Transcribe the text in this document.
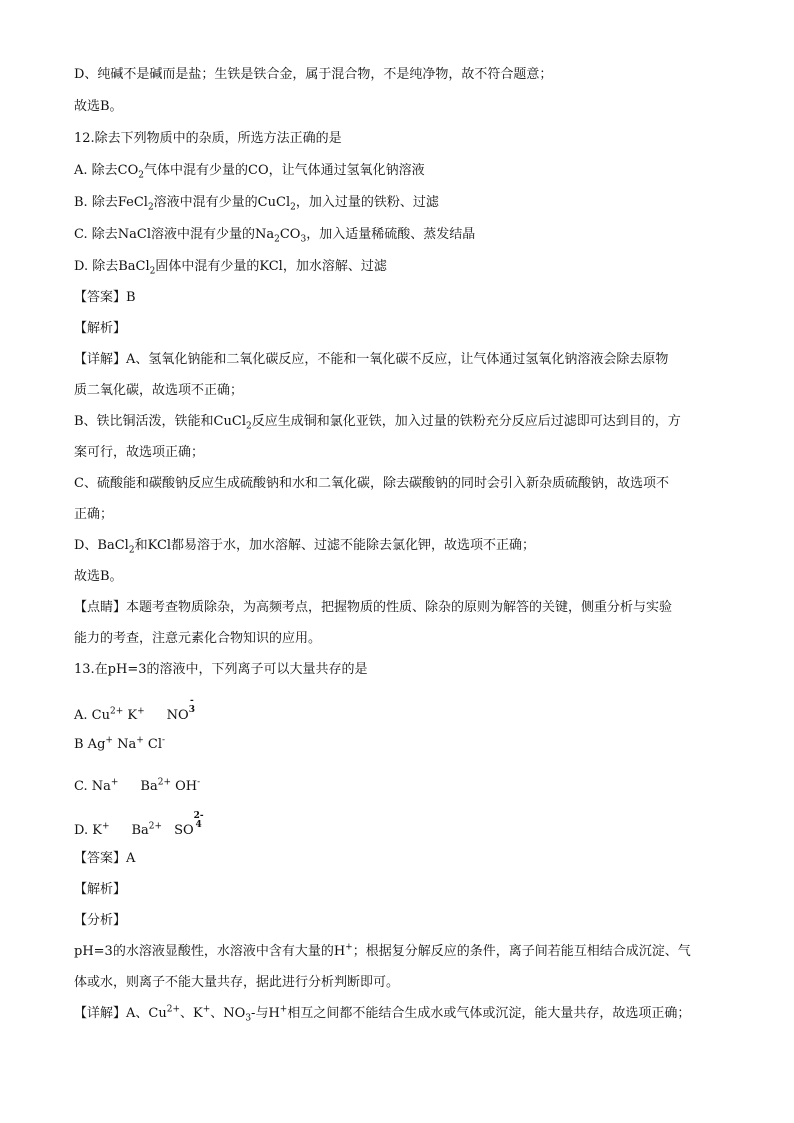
D、纯碱不是碱而是盐；生铁是铁合金，属于混合物，不是纯净物，故不符合题意；
故选B。
12.除去下列物质中的杂质，所选方法正确的是
A. 除去$CO_2$气体中混有少量的CO，让气体通过氢氧化钠溶液
B. 除去FeCl$_2$溶液中混有少量的CuCl$_2$，加入过量的铁粉、过滤
C. 除去NaCl溶液中混有少量的$Na_2CO_3$，加入适量稀硫酸、蒸发结晶
D. 除去BaCl$_2$固体中混有少量的KCl，加水溶解、过滤
【答案】B
【解析】
【详解】A、氢氧化钠能和二氧化碳反应，不能和一氧化碳不反应，让气体通过氢氧化钠溶液会除去原物
质二氧化碳，故选项不正确；
B、铁比铜活泼，铁能和CuCl$_2$反应生成铜和氯化亚铁，加入过量的铁粉充分反应后过滤即可达到目的，方
案可行，故选项正确；
C、硫酸能和碳酸钠反应生成硫酸钠和水和二氧化碳，除去碳酸钠的同时会引入新杂质硫酸钠，故选项不
正确；
D、BaCl$_2$和KCl都易溶于水，加水溶解、过滤不能除去氯化钾，故选项不正确；
故选B。
【点睛】本题考查物质除杂，为高频考点，把握物质的性质、除杂的原则为解答的关键，侧重分析与实验
能力的考查，注意元素化合物知识的应用。
13.在pH=3的溶液中，下列离子可以大量共存的是
A. $Cu^{2+}$ K+ NO
-
3
B Ag+ Na+ Cl-
C. Na+ $Ba^{2+}$ OH-
D. K+ $Ba^{2+}$ SO
2-
4
【答案】A
【解析】
【分析】
pH=3的水溶液显酸性，水溶液中含有大量的H+；根据复分解反应的条件，离子间若能互相结合成沉淀、气
体或水，则离子不能大量共存，据此进行分析判断即可。
【详解】A、$Cu^{2+}$、K+、$NO_3-$与H+相互之间都不能结合生成水或气体或沉淀，能大量共存，故选项正确；
